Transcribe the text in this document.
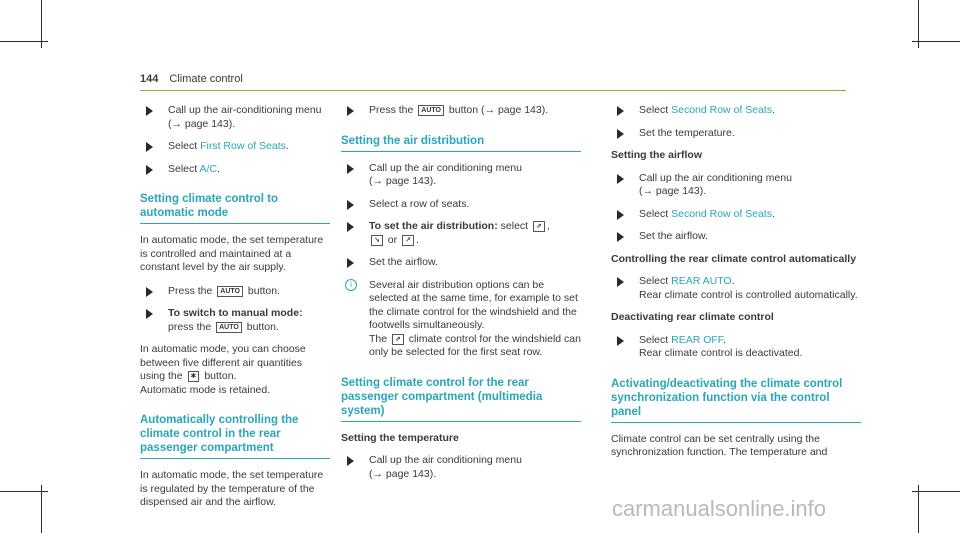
144 Climate control
Call up the air-conditioning menu
(→ page 143).
Select First Row of Seats.
Select A/C.
Setting climate control to automatic mode
In automatic mode, the set temperature is controlled and maintained at a constant level by the air supply.
Press the AUTO button.
To switch to manual mode: press the AUTO button.
In automatic mode, you can choose between five different air quantities using the ✱ button.
Automatic mode is retained.
Automatically controlling the climate control in the rear passenger compartment
In automatic mode, the set temperature is regulated by the temperature of the dispensed air and the airflow.
Press the AUTO button (→ page 143).
Setting the air distribution
Call up the air conditioning menu
(→ page 143).
Select a row of seats.
To set the air distribution: select ⇗ ,
↘ or ↗ .
Set the airflow.
i	Several air distribution options can be selected at the same time, for example to set the climate control for the windshield and the footwells simultaneously.
The ⇗ climate control for the windshield can only be selected for the first seat row.
Setting climate control for the rear passenger compartment (multimedia system)
Setting the temperature
Call up the air conditioning menu
(→ page 143).
Select Second Row of Seats.
Set the temperature.
Setting the airflow
Call up the air conditioning menu
(→ page 143).
Select Second Row of Seats.
Set the airflow.
Controlling the rear climate control automatically
Select REAR AUTO.
Rear climate control is controlled automatically.
Deactivating rear climate control
Select REAR OFF.
Rear climate control is deactivated.
Activating/deactivating the climate control synchronization function via the control panel
Climate control can be set centrally using the synchronization function. The temperature and
carmanualsonline.info
